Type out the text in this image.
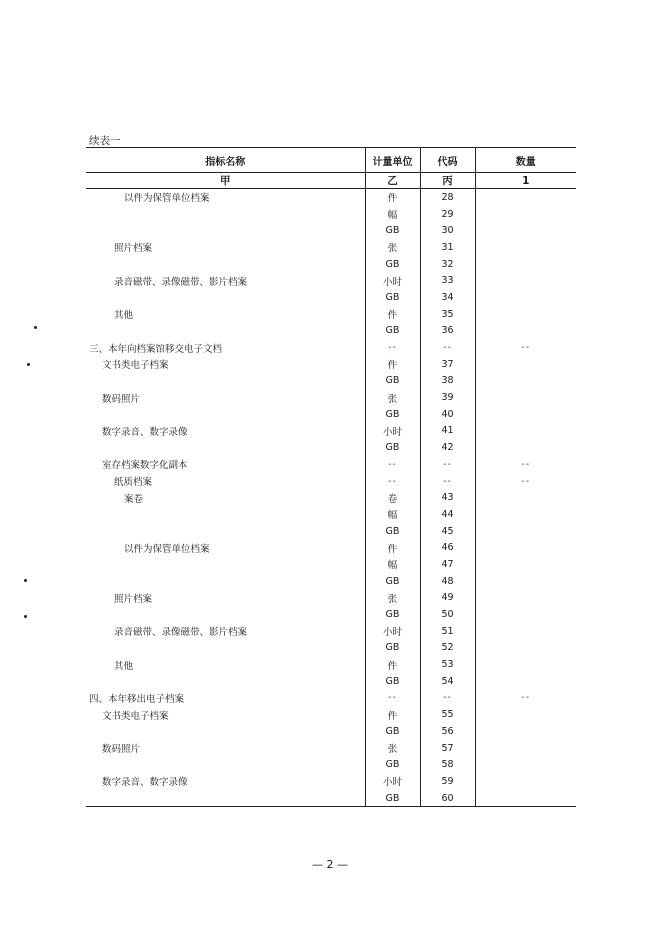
续表一
指标名称	计量单位	代码	数量
甲	乙	丙	1
以件为保管单位档案	件	28	
	幅	29	
	GB	30	
照片档案	张	31	
	GB	32	
录音磁带、录像磁带、影片档案	小时	33	
	GB	34	
其他	件	35	
	GB	36	
三、本年向档案馆移交电子文档	--	--	--
文书类电子档案	件	37	
	GB	38	
数码照片	张	39	
	GB	40	
数字录音、数字录像	小时	41	
	GB	42	
室存档案数字化副本	--	--	--
纸质档案	--	--	--
案卷	卷	43	
	幅	44	
	GB	45	
以件为保管单位档案	件	46	
	幅	47	
	GB	48	
照片档案	张	49	
	GB	50	
录音磁带、录像磁带、影片档案	小时	51	
	GB	52	
其他	件	53	
	GB	54	
四、本年移出电子档案	--	--	--
文书类电子档案	件	55	
	GB	56	
数码照片	张	57	
	GB	58	
数字录音、数字录像	小时	59	
	GB	60	
— 2 —
